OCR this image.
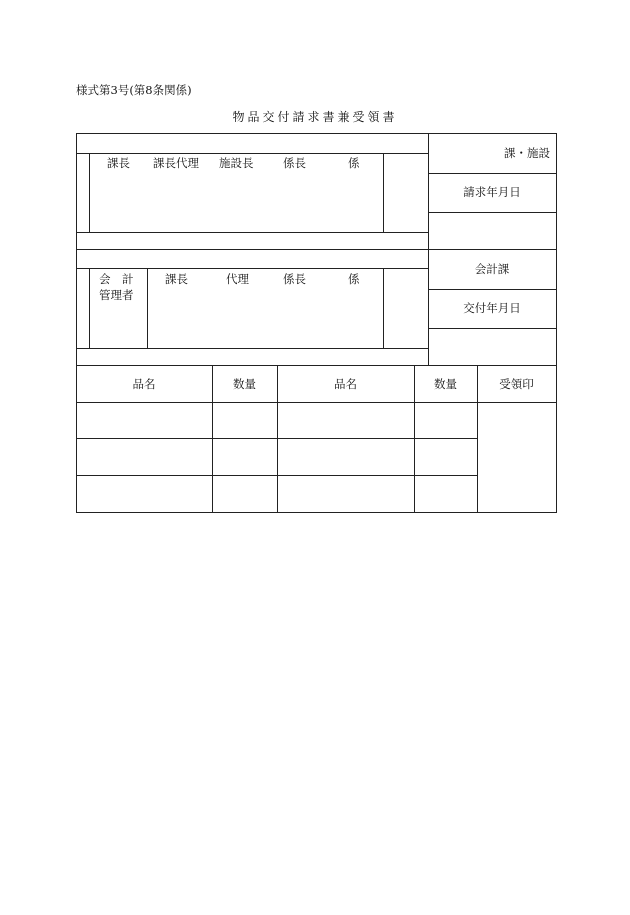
様式第3号(第8条関係)
物品交付請求書兼受領書
課長 課長代理 施設長	係長	係
課・施設
請求年月日
会　計
管理者
課長	代理	係長	係
会計課
交付年月日
品名	数量	品名	数量	受領印
